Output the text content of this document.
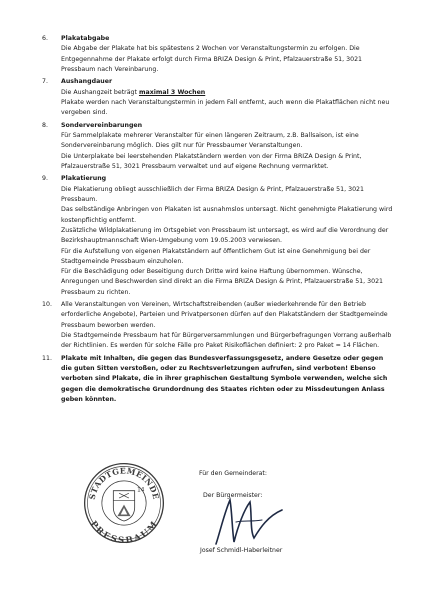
6.	Plakatabgabe

Die Abgabe der Plakate hat bis spätestens 2 Wochen vor Veranstaltungstermin zu erfolgen. Die Entgegennahme der Plakate erfolgt durch Firma BRIZA Design & Print, Pfalzauerstraße 51, 3021 Pressbaum nach Vereinbarung.

7.	Aushangdauer

Die Aushangzeit beträgt maximal 3 Wochen

Plakate werden nach Veranstaltungstermin in jedem Fall entfernt, auch wenn die Plakatflächen nicht neu vergeben sind.

8.	Sondervereinbarungen

Für Sammelplakate mehrerer Veranstalter für einen längeren Zeitraum, z.B. Ballsaison, ist eine Sondervereinbarung möglich. Dies gilt nur für Pressbaumer Veranstaltungen.

Die Unterplakate bei leerstehenden Plakatständern werden von der Firma BRIZA Design & Print, Pfalzauerstraße 51, 3021 Pressbaum verwaltet und auf eigene Rechnung vermarktet.

9.	Plakatierung

Die Plakatierung obliegt ausschließlich der Firma BRIZA Design & Print, Pfalzauerstraße 51, 3021 Pressbaum.

Das selbständige Anbringen von Plakaten ist ausnahmslos untersagt. Nicht genehmigte Plakatierung wird kostenpflichtig entfernt.

Zusätzliche Wildplakatierung im Ortsgebiet von Pressbaum ist untersagt, es wird auf die Verordnung der Bezirkshauptmannschaft Wien-Umgebung vom 19.05.2003 verwiesen.

Für die Aufstellung von eigenen Plakatständern auf öffentlichem Gut ist eine Genehmigung bei der Stadtgemeinde Pressbaum einzuholen.

Für die Beschädigung oder Beseitigung durch Dritte wird keine Haftung übernommen. Wünsche, Anregungen und Beschwerden sind direkt an die Firma BRIZA Design & Print, Pfalzauerstraße 51, 3021 Pressbaum zu richten.

10.	Alle Veranstaltungen von Vereinen, Wirtschaftstreibenden (außer wiederkehrende für den Betrieb erforderliche Angebote), Parteien und Privatpersonen dürfen auf den Plakatständern der Stadtgemeinde Pressbaum beworben werden.

Die Stadtgemeinde Pressbaum hat für Bürgerversammlungen und Bürgerbefragungen Vorrang außerhalb der Richtlinien. Es werden für solche Fälle pro Paket Risikoflächen definiert: 2 pro Paket = 14 Flächen.

11.	Plakate mit Inhalten, die gegen das Bundesverfassungsgesetz, andere Gesetze oder gegen die guten Sitten verstoßen, oder zu Rechtsverletzungen aufrufen, sind verboten! Ebenso verboten sind Plakate, die in ihrer graphischen Gestaltung Symbole verwenden, welche sich gegen die demokratische Grundordnung des Staates richten oder zu Missdeutungen Anlass geben könnten.

STADTGEMEINDE
PRESSBAUM
14
Für den Gemeinderat:
Der Bürgermeister:
Josef Schmidl-Haberleitner
